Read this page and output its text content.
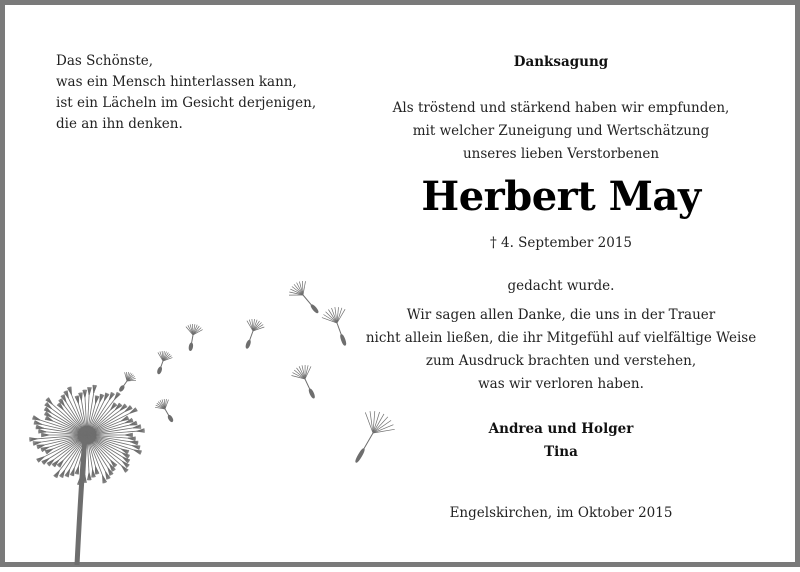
Das Schönste,
was ein Mensch hinterlassen kann,
ist ein Lächeln im Gesicht derjenigen,
die an ihn denken.
Danksagung
Als tröstend und stärkend haben wir empfunden,
mit welcher Zuneigung und Wertschätzung
unseres lieben Verstorbenen
Herbert May
† 4. September 2015
gedacht wurde.
Wir sagen allen Danke, die uns in der Trauer
nicht allein ließen, die ihr Mitgefühl auf vielfältige Weise
zum Ausdruck brachten und verstehen,
was wir verloren haben.
Andrea und Holger
Tina
Engelskirchen, im Oktober 2015
